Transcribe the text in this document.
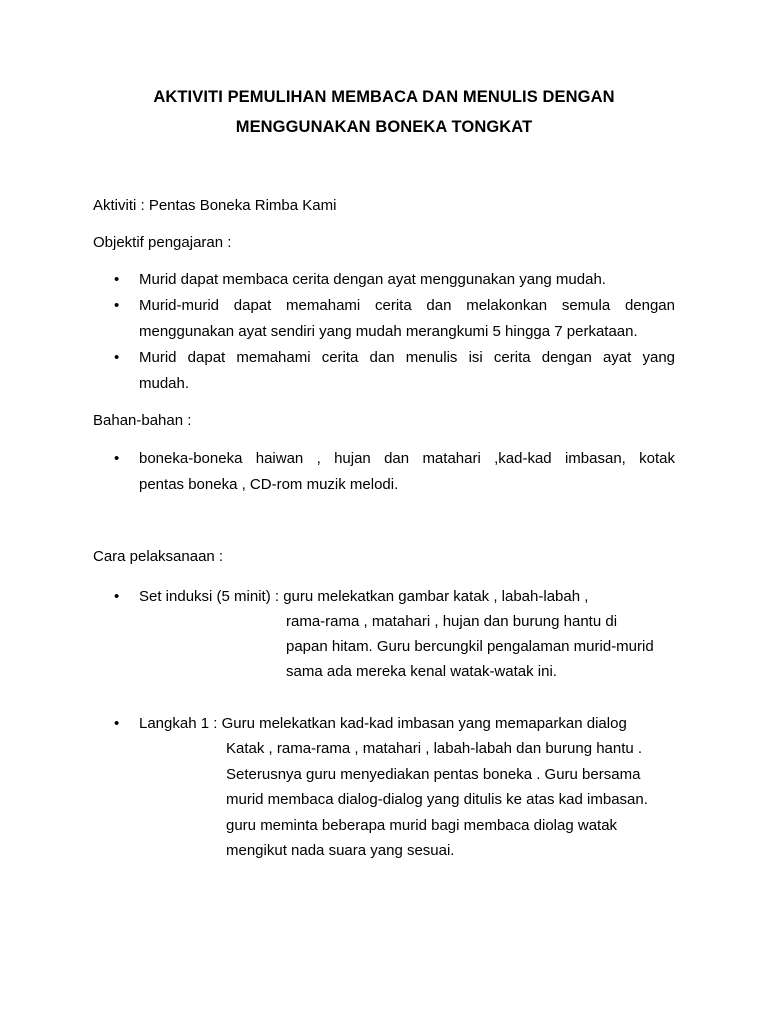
AKTIVITI PEMULIHAN MEMBACA DAN MENULIS DENGAN
MENGGUNAKAN BONEKA TONGKAT
Aktiviti : Pentas Boneka Rimba Kami
Objektif pengajaran :
• Murid dapat membaca cerita dengan ayat menggunakan yang mudah.
• Murid-murid dapat memahami cerita dan melakonkan semula dengan
menggunakan ayat sendiri yang mudah merangkumi 5 hingga 7 perkataan.
• Murid dapat memahami cerita dan menulis isi cerita dengan ayat yang
mudah.
Bahan-bahan :
• boneka-boneka haiwan , hujan dan matahari ,kad-kad imbasan, kotak
pentas boneka , CD-rom muzik melodi.
Cara pelaksanaan :
• Set induksi (5 minit) : guru melekatkan gambar katak , labah-labah ,
rama-rama , matahari , hujan dan burung hantu di
papan hitam. Guru bercungkil pengalaman murid-murid
sama ada mereka kenal watak-watak ini.
• Langkah 1 : Guru melekatkan kad-kad imbasan yang memaparkan dialog
Katak , rama-rama , matahari , labah-labah dan burung hantu .
Seterusnya guru menyediakan pentas boneka . Guru bersama
murid membaca dialog-dialog yang ditulis ke atas kad imbasan.
guru meminta beberapa murid bagi membaca diolag watak
mengikut nada suara yang sesuai.
